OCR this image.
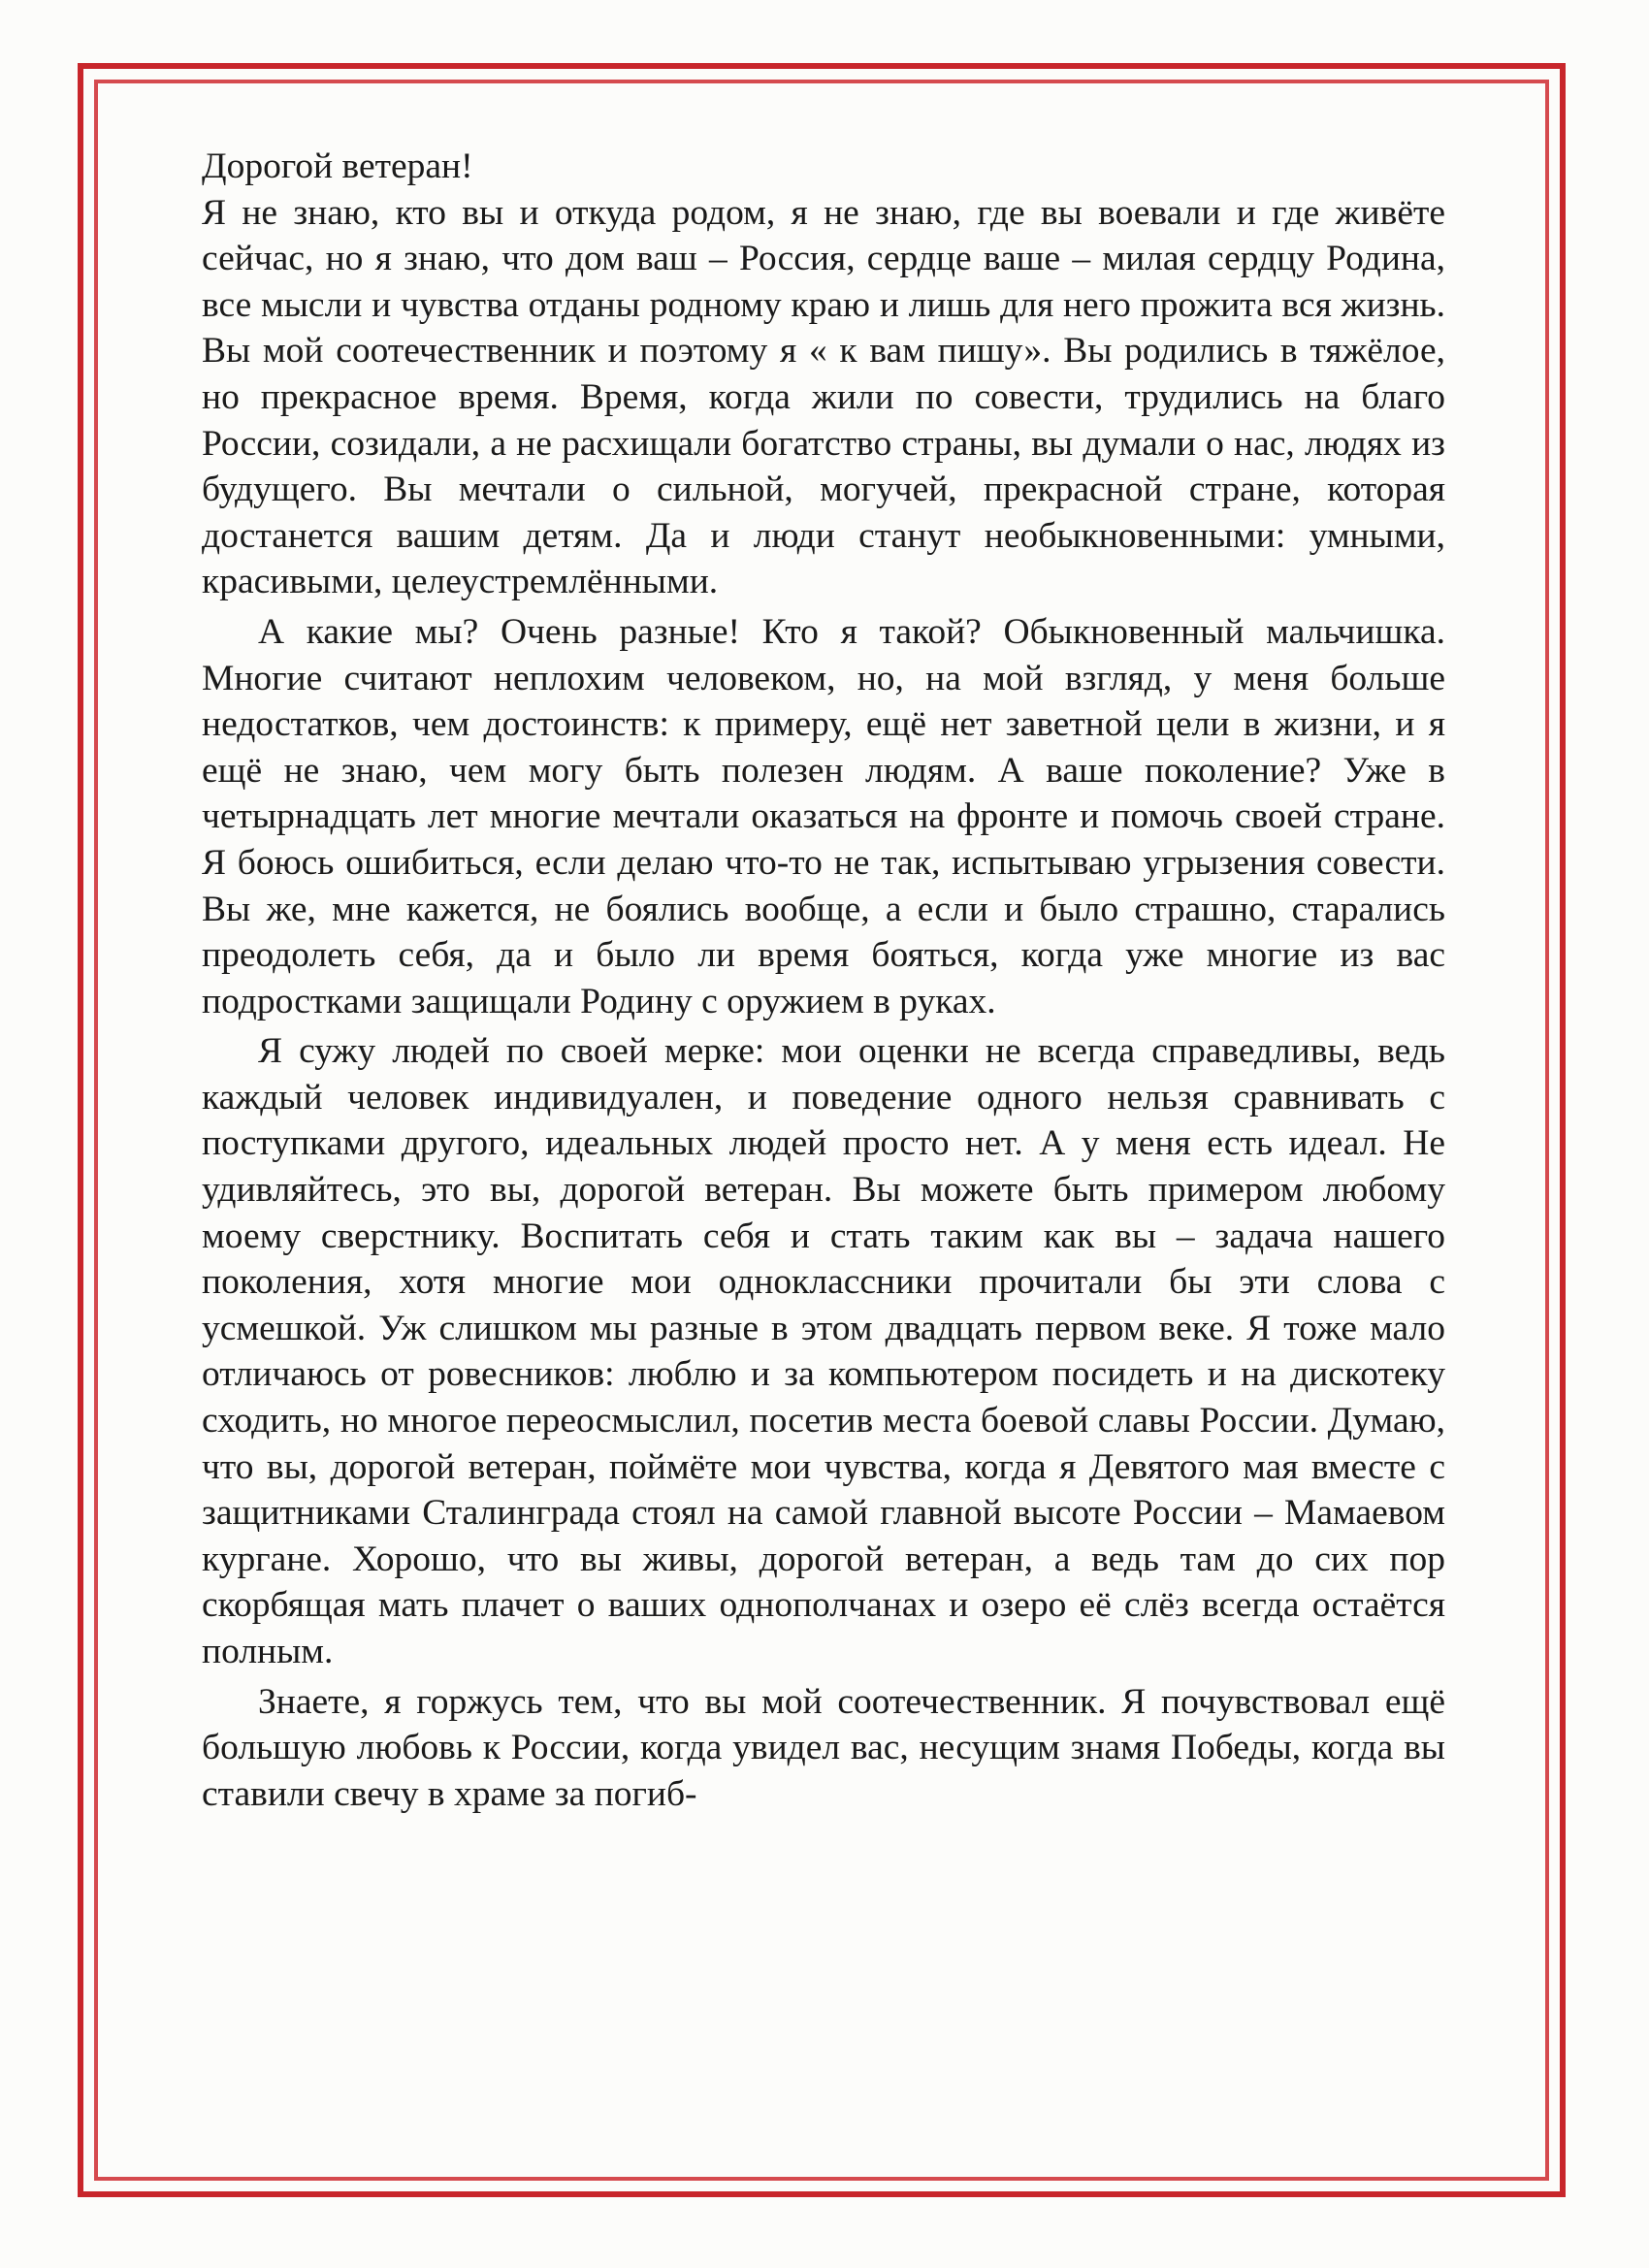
Дорогой ветеран!

Я не знаю, кто вы и откуда родом, я не знаю, где вы воевали и где живёте сейчас, но я знаю, что дом ваш – Россия, сердце ваше – милая сердцу Родина, все мысли и чувства отданы родному краю и лишь для него прожита вся жизнь. Вы мой соотечественник и поэтому я « к вам пишу». Вы родились в тяжёлое, но прекрасное время. Время, когда жили по совести, трудились на благо России, созидали, а не расхищали богатство страны, вы думали о нас, людях из будущего. Вы мечтали о сильной, могучей, прекрасной стране, которая достанется вашим детям. Да и люди станут необыкновенными: умными, красивыми, целеустремлёнными.

А какие мы? Очень разные! Кто я такой? Обыкновенный мальчишка. Многие считают неплохим человеком, но, на мой взгляд, у меня больше недостатков, чем достоинств: к примеру, ещё нет заветной цели в жизни, и я ещё не знаю, чем могу быть полезен людям. А ваше поколение? Уже в четырнадцать лет многие мечтали оказаться на фронте и помочь своей стране. Я боюсь ошибиться, если делаю что-то не так, испытываю угрызения совести. Вы же, мне кажется, не боялись вообще, а если и было страшно, старались преодолеть себя, да и было ли время бояться, когда уже многие из вас подростками защищали Родину с оружием в руках.

Я сужу людей по своей мерке: мои оценки не всегда справедливы, ведь каждый человек индивидуален, и поведение одного нельзя сравнивать с поступками другого, идеальных людей просто нет. А у меня есть идеал. Не удивляйтесь, это вы, дорогой ветеран. Вы можете быть примером любому моему сверстнику. Воспитать себя и стать таким как вы – задача нашего поколения, хотя многие мои одноклассники прочитали бы эти слова с усмешкой. Уж слишком мы разные в этом двадцать первом веке. Я тоже мало отличаюсь от ровесников: люблю и за компьютером посидеть и на дискотеку сходить, но многое переосмыслил, посетив места боевой славы России. Думаю, что вы, дорогой ветеран, поймёте мои чувства, когда я Девятого мая вместе с защитниками Сталинграда стоял на самой главной высоте России – Мамаевом кургане. Хорошо, что вы живы, дорогой ветеран, а ведь там до сих пор скорбящая мать плачет о ваших однополчанах и озеро её слёз всегда остаётся полным.

Знаете, я горжусь тем, что вы мой соотечественник. Я почувствовал ещё большую любовь к России, когда увидел вас, несущим знамя Победы, когда вы ставили свечу в храме за погиб-
